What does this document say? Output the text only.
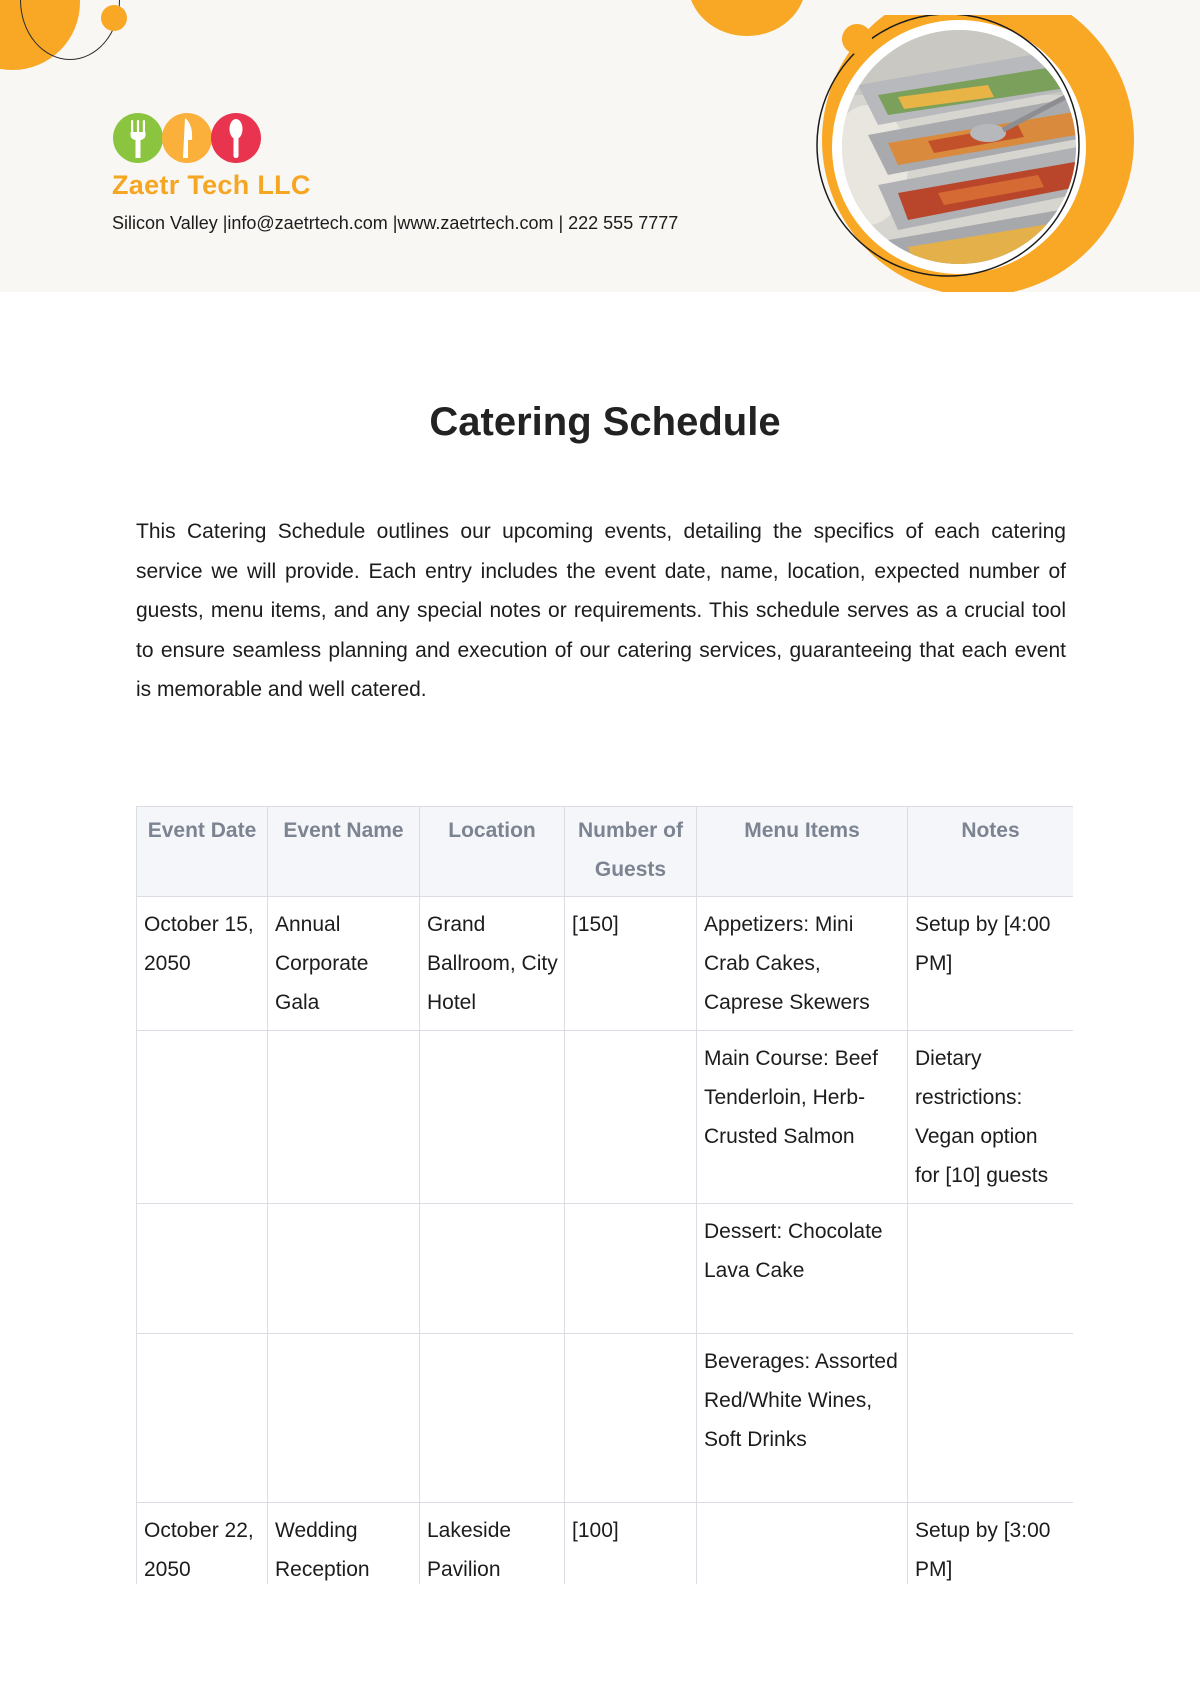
Zaetr Tech LLC
Silicon Valley |info@zaetrtech.com |www.zaetrtech.com | 222 555 7777
Catering Schedule

This Catering Schedule outlines our upcoming events, detailing the specifics of each catering service we will provide. Each entry includes the event date, name, location, expected number of guests, menu items, and any special notes or requirements. This schedule serves as a crucial tool to ensure seamless planning and execution of our catering services, guaranteeing that each event is memorable and well catered.

Event Date	Event Name	Location	Number of Guests	Menu Items	Notes
October 15, 2050	Annual Corporate Gala	Grand Ballroom, City Hotel	[150]	Appetizers: Mini Crab Cakes, Caprese Skewers	Setup by [4:00 PM]
				Main Course: Beef Tenderloin, Herb-Crusted Salmon	Dietary restrictions: Vegan option for [10] guests
				Dessert: Chocolate Lava Cake	
				Beverages: Assorted Red/White Wines, Soft Drinks	
October 22, 2050	Wedding Reception	Lakeside Pavilion	[100]		Setup by [3:00 PM]
